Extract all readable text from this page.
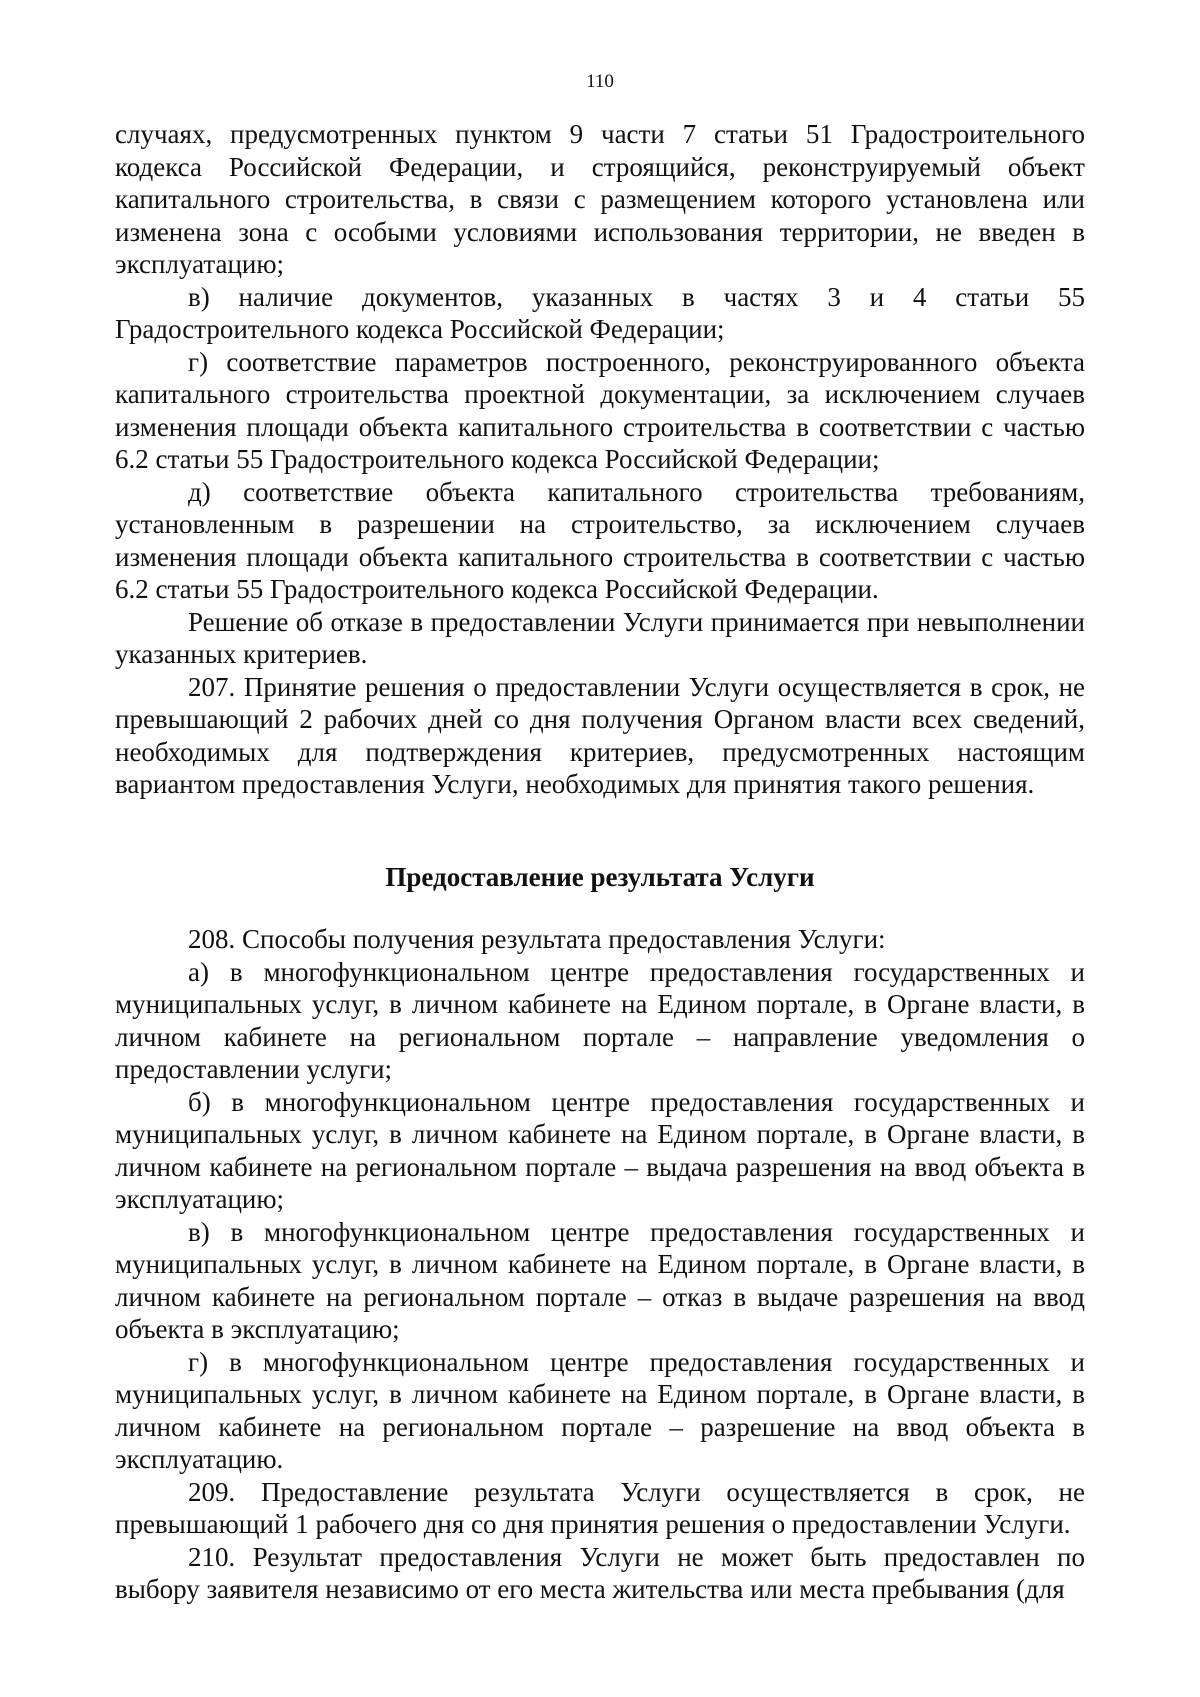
110

случаях, предусмотренных пунктом 9 части 7 статьи 51 Градостроительного кодекса Российской Федерации, и строящийся, реконструируемый объект капитального строительства, в связи с размещением которого установлена или изменена зона с особыми условиями использования территории, не введен в эксплуатацию;

в) наличие документов, указанных в частях 3 и 4 статьи 55 Градостроительного кодекса Российской Федерации;

г) соответствие параметров построенного, реконструированного объекта капитального строительства проектной документации, за исключением случаев изменения площади объекта капитального строительства в соответствии с частью 6.2 статьи 55 Градостроительного кодекса Российской Федерации;

д) соответствие объекта капитального строительства требованиям, установленным в разрешении на строительство, за исключением случаев изменения площади объекта капитального строительства в соответствии с частью 6.2 статьи 55 Градостроительного кодекса Российской Федерации.

Решение об отказе в предоставлении Услуги принимается при невыполнении указанных критериев.

207. Принятие решения о предоставлении Услуги осуществляется в срок, не превышающий 2 рабочих дней со дня получения Органом власти всех сведений, необходимых для подтверждения критериев, предусмотренных настоящим вариантом предоставления Услуги, необходимых для принятия такого решения.

Предоставление результата Услуги

208. Способы получения результата предоставления Услуги:

а) в многофункциональном центре предоставления государственных и муниципальных услуг, в личном кабинете на Едином портале, в Органе власти, в личном кабинете на региональном портале – направление уведомления о предоставлении услуги;

б) в многофункциональном центре предоставления государственных и муниципальных услуг, в личном кабинете на Едином портале, в Органе власти, в личном кабинете на региональном портале – выдача разрешения на ввод объекта в эксплуатацию;

в) в многофункциональном центре предоставления государственных и муниципальных услуг, в личном кабинете на Едином портале, в Органе власти, в личном кабинете на региональном портале – отказ в выдаче разрешения на ввод объекта в эксплуатацию;

г) в многофункциональном центре предоставления государственных и муниципальных услуг, в личном кабинете на Едином портале, в Органе власти, в личном кабинете на региональном портале – разрешение на ввод объекта в эксплуатацию.

209. Предоставление результата Услуги осуществляется в срок, не превышающий 1 рабочего дня со дня принятия решения о предоставлении Услуги.

210. Результат предоставления Услуги не может быть предоставлен по выбору заявителя независимо от его места жительства или места пребывания (для
